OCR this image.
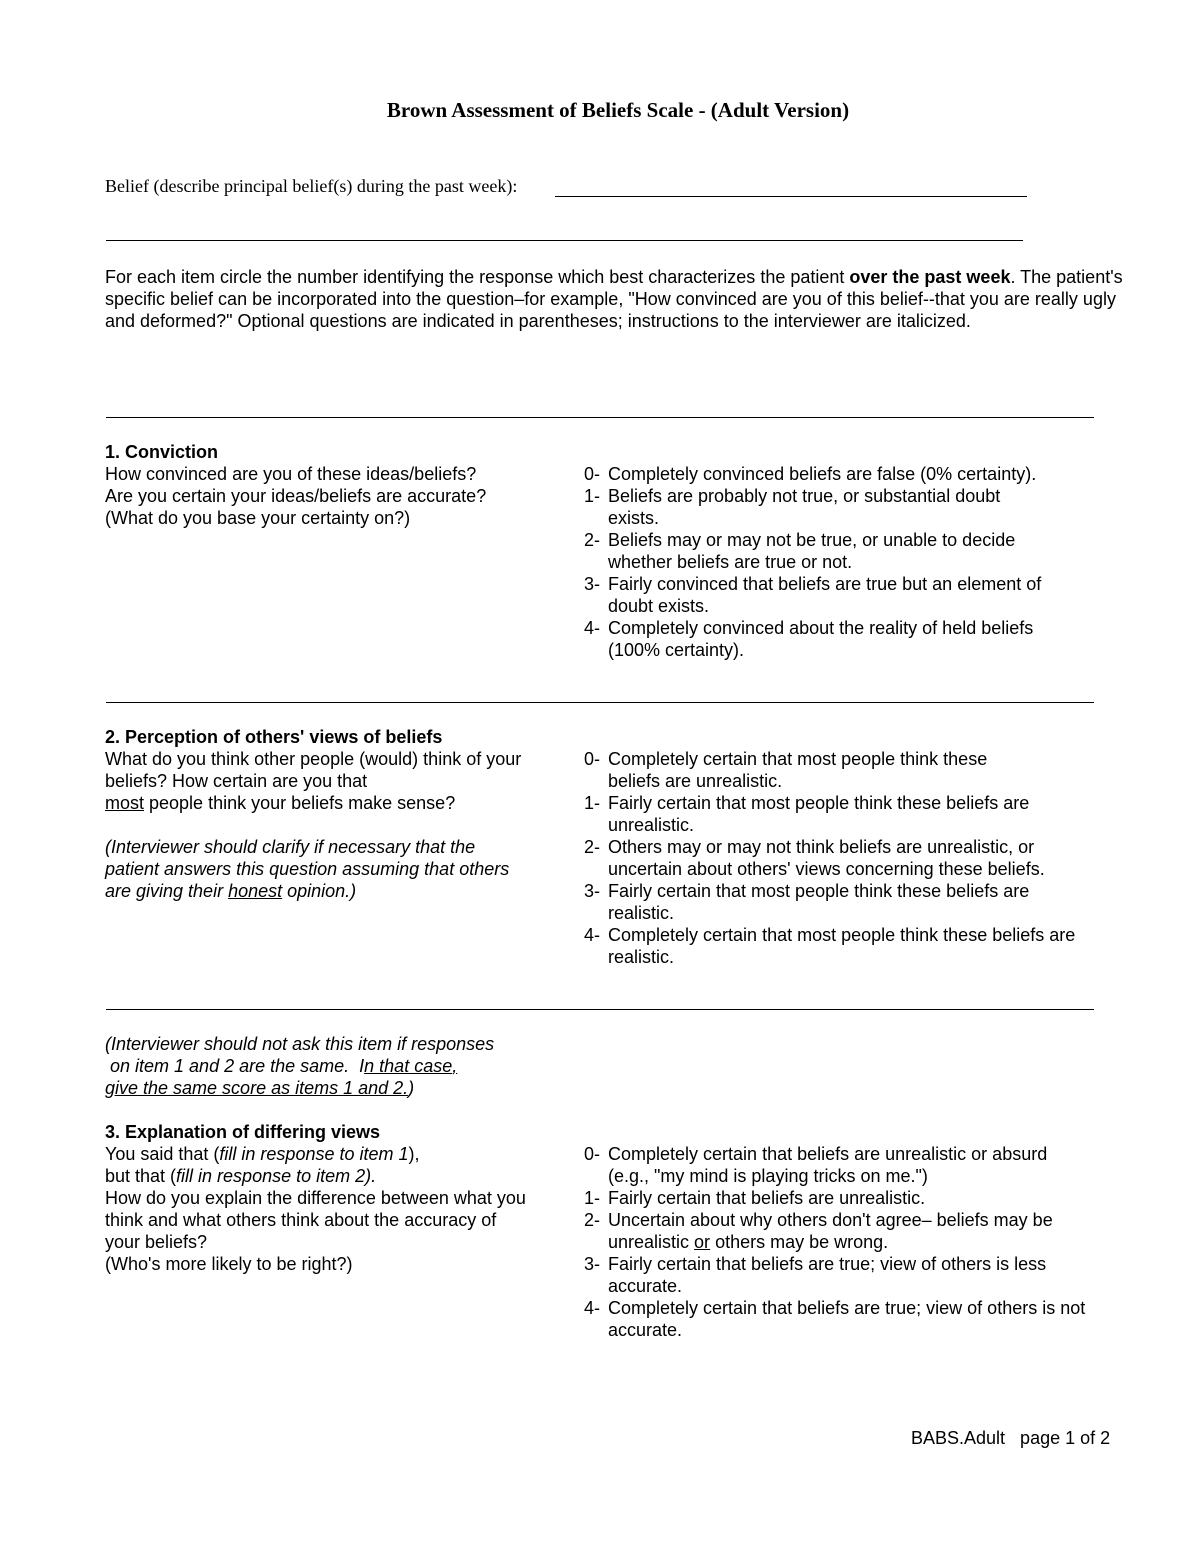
Brown Assessment of Beliefs Scale - (Adult Version)
Belief (describe principal belief(s) during the past week):
For each item circle the number identifying the response which best characterizes the patient over the past week. The patient's specific belief can be incorporated into the question–for example, "How convinced are you of this belief--that you are really ugly and deformed?" Optional questions are indicated in parentheses; instructions to the interviewer are italicized.

1. Conviction

How convinced are you of these ideas/beliefs?

Are you certain your ideas/beliefs are accurate?

(What do you base your certainty on?)

0- Completely convinced beliefs are false (0% certainty).
1- Beliefs are probably not true, or substantial doubt exists.
2- Beliefs may or may not be true, or unable to decide whether beliefs are true or not.
3- Fairly convinced that beliefs are true but an element of doubt exists.
4- Completely convinced about the reality of held beliefs (100% certainty).

2. Perception of others' views of beliefs

What do you think other people (would) think of your beliefs? How certain are you that

most people think your beliefs make sense?

(Interviewer should clarify if necessary that the patient answers this question assuming that others are giving their honest opinion.)

0- Completely certain that most people think these beliefs are unrealistic.
1- Fairly certain that most people think these beliefs are unrealistic.
2- Others may or may not think beliefs are unrealistic, or uncertain about others' views concerning these beliefs.
3- Fairly certain that most people think these beliefs are realistic.
4- Completely certain that most people think these beliefs are realistic.

(Interviewer should not ask this item if responses

on item 1 and 2 are the same.  In that case,

give the same score as items 1 and 2.)

3. Explanation of differing views

You said that (fill in response to item 1),

but that (fill in response to item 2).

How do you explain the difference between what you think and what others think about the accuracy of your beliefs?

(Who's more likely to be right?)

0- Completely certain that beliefs are unrealistic or absurd (e.g., "my mind is playing tricks on me.")
1- Fairly certain that beliefs are unrealistic.
2- Uncertain about why others don't agree– beliefs may be unrealistic or others may be wrong.
3- Fairly certain that beliefs are true; view of others is less accurate.
4- Completely certain that beliefs are true; view of others is not accurate.
BABS.Adult   page 1 of 2
